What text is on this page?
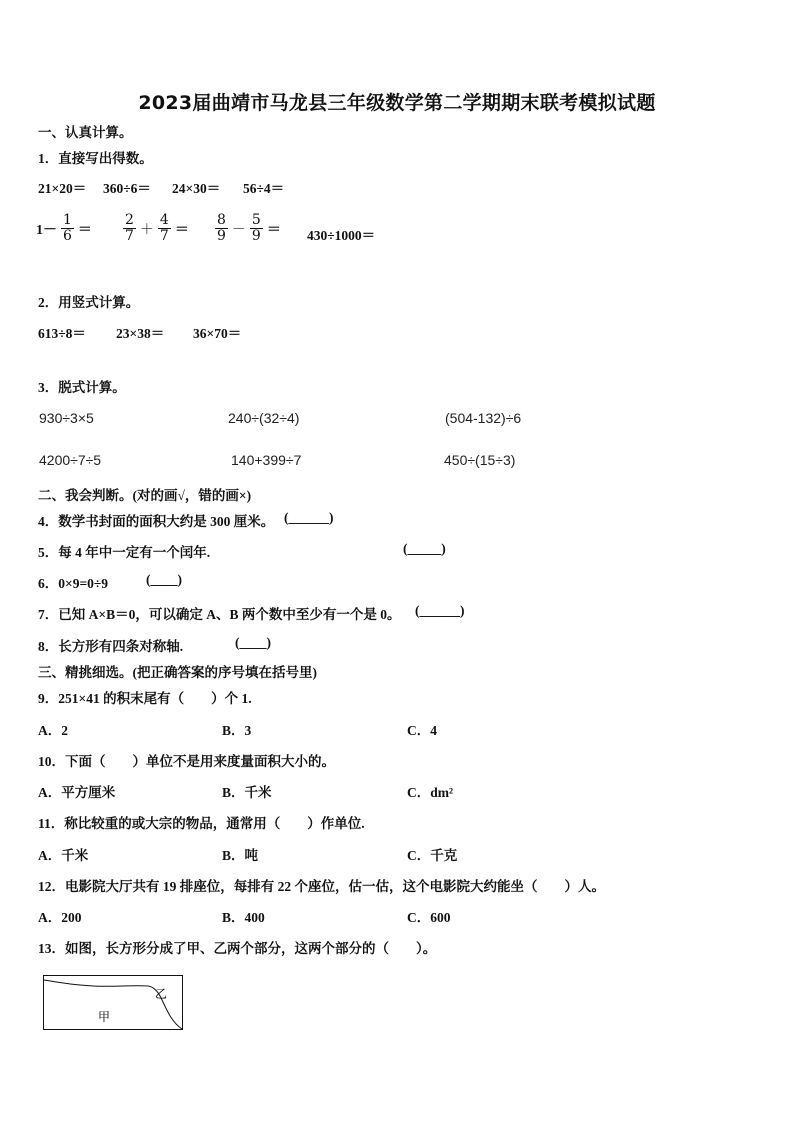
2023届曲靖市马龙县三年级数学第二学期期末联考模拟试题
一、认真计算。
1．直接写出得数。
21×20＝ 360÷6＝ 24×30＝ 56÷4＝
$1- \frac{1}{6} = \frac{2}{7} + \frac{4}{7} = \frac{8}{9} - \frac{5}{9} = 430\div 1000=$
2．用竖式计算。
613÷8＝ 23×38＝ 36×70＝
3．脱式计算。
930÷3×5	240÷(32÷4)	(504-132)÷6
4200÷7÷5	140+399÷7	450÷(15÷3)
二、我会判断。(对的画√，错的画×)
4．数学书封面的面积大约是 300 厘米。 (______)
5．每 4 年中一定有一个闰年.	(_____)
6．0×9=0÷9	(____)
7．已知 A×B＝0，可以确定 A、B 两个数中至少有一个是 0。 (______)
8．长方形有四条对称轴.	(____)
三、精挑细选。(把正确答案的序号填在括号里)
9．251×41 的积末尾有（　　）个 1.
A．2	B．3	C．4
10．下面（　　）单位不是用来度量面积大小的。
A．平方厘米	B．千米	C．dm²
11．称比较重的或大宗的物品，通常用（　　）作单位.
A．千米	B．吨	C．千克
12．电影院大厅共有 19 排座位，每排有 22 个座位，估一估，这个电影院大约能坐（　　）人。
A．200	B．400	C．600
13．如图，长方形分成了甲、乙两个部分，这两个部分的（　　）。
甲
乙
